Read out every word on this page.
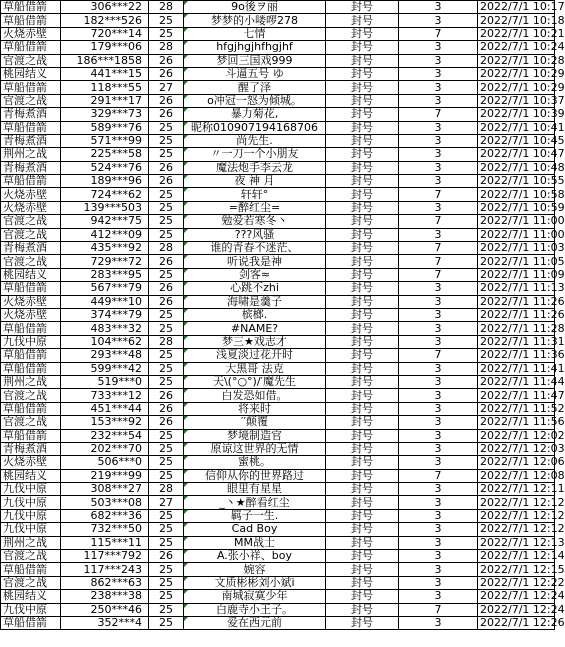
草船借箭	306***22	28	9o後ヲ丽	封号	3	2022/7/1 10:17
草船借箭	182***526	25	梦梦的小喽啰278	封号	3	2022/7/1 10:18
火烧赤壁	720***14	25	七情	封号	7	2022/7/1 10:21
草船借箭	179***06	28	hfgjhgjhfhgjhf	封号	3	2022/7/1 10:24
官渡之战	186***1858	26	梦回三国戏999	封号	3	2022/7/1 10:28
桃园结义	441***15	26	斗逼五号 ゆ	封号	3	2022/7/1 10:29
草船借箭	118***55	27	醒了泽	封号	3	2022/7/1 10:29
官渡之战	291***17	26	o冲冠一怒为倾城。	封号	3	2022/7/1 10:37
青梅煮酒	329***73	26	暴力菊花,	封号	7	2022/7/1 10:39
草船借箭	589***76	25	昵称010907194168706	封号	3	2022/7/1 10:41
青梅煮酒	571***99	25	尚先生.	封号	3	2022/7/1 10:45
荆州之战	225***58	25	〃一刀一个小朋友	封号	3	2022/7/1 10:47
青梅煮酒	524***76	26	魔法炮手李云龙	封号	3	2022/7/1 10:48
草船借箭	189***96	26	夜 神 月	封号	3	2022/7/1 10:55
火烧赤壁	724***62	25	轩轩°	封号	7	2022/7/1 10:58
火烧赤壁	139***503	25	=醉红尘=	封号	3	2022/7/1 10:59
官渡之战	942***75	25	勉爱若寒冬丶	封号	7	2022/7/1 11:00
官渡之战	412***09	25	???风骚	封号	3	2022/7/1 11:00
青梅煮酒	435***92	28	谁的青春不迷茫、	封号	7	2022/7/1 11:03
官渡之战	729***72	26	听说我是神	封号	7	2022/7/1 11:05
桃园结义	283***95	25	剑客≈	封号	7	2022/7/1 11:09
草船借箭	567***79	26	心跳不zhi	封号	3	2022/7/1 11:13
火烧赤壁	449***10	26	海啸是羹子	封号	3	2022/7/1 11:26
火烧赤壁	374***79	25	槟榔.	封号	3	2022/7/1 11:26
草船借箭	483***32	25	#NAME?	封号	3	2022/7/1 11:28
九伐中原	104***62	28	梦三★戏志才	封号	3	2022/7/1 11:31
草船借箭	293***48	25	浅夏淡过花开时	封号	7	2022/7/1 11:36
草船借箭	599***42	25	大黑哥 法克	封号	3	2022/7/1 11:41
荆州之战	519***0	25	天\(°○°)/′魔先生	封号	3	2022/7/1 11:44
官渡之战	733***12	26	白发恐如借。	封号	3	2022/7/1 11:47
草船借箭	451***44	26	将来时	封号	3	2022/7/1 11:52
官渡之战	153***92	26	′′颠覆	封号	3	2022/7/1 11:56
草船借箭	232***54	25	梦境制造官	封号	3	2022/7/1 12:02
青梅煮酒	202***70	25	原谅这世界的无情	封号	3	2022/7/1 12:03
火烧赤壁	506***0	25	蜜桃。	封号	3	2022/7/1 12:06
桃园结义	219***99	25	信仰从你的世界路过	封号	7	2022/7/1 12:08
九伐中原	308***27	28	眼里有星星	封号	3	2022/7/1 12:11
九伐中原	503***08	27	_丶★醉看红尘	封号	3	2022/7/1 12:12
九伐中原	682***36	25	羁子一生.	封号	3	2022/7/1 12:12
九伐中原	732***50	25	Cad Boy	封号	3	2022/7/1 12:12
荆州之战	115***11	25	MM战士	封号	3	2022/7/1 12:13
官渡之战	117***792	26	A.张小祥、boy	封号	3	2022/7/1 12:14
草船借箭	117***243	25	婉容	封号	3	2022/7/1 12:15
官渡之战	862***63	25	文质彬彬刘小斌i	封号	3	2022/7/1 12:22
桃园结义	238***38	25	南城寂寞少年	封号	3	2022/7/1 12:24
九伐中原	250***46	25	白鹿寺小王子。	封号	7	2022/7/1 12:24
草船借箭	352***4	25	爱在西元前	封号	3	2022/7/1 12:26
